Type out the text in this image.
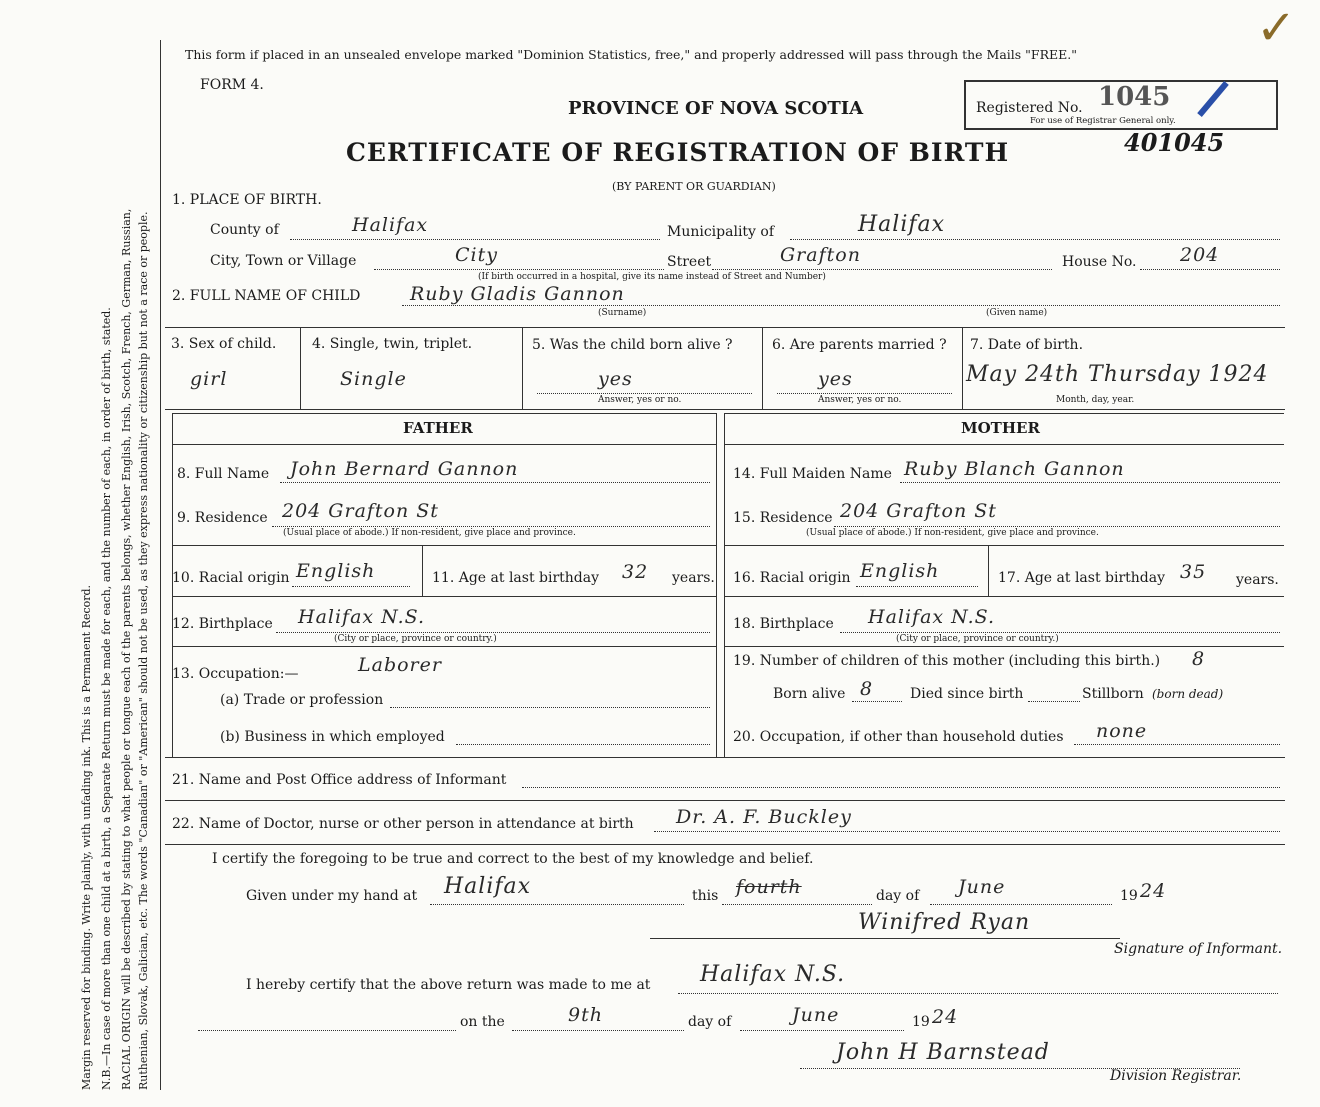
Margin reserved for binding. Write plainly, with unfading ink. This is a Permanent Record. N.B.—In case of more than one child at a birth, a Separate Return must be made for each, and the number of each, in order of birth, stated. RACIAL ORIGIN will be described by stating to what people or tongue each of the parents belongs, whether English, Irish, Scotch, French, German, Russian, Ruthenian, Slovak, Galician, etc. The words "Canadian" or "American" should not be used, as they express nationality or citizenship but not a race or people.
This form if placed in an unsealed envelope marked "Dominion Statistics, free," and properly addressed will pass through the Mails "FREE."
FORM 4.
PROVINCE OF NOVA SCOTIA
CERTIFICATE OF REGISTRATION OF BIRTH
(BY PARENT OR GUARDIAN)
Registered No. 1045
For use of Registrar General only.
401045
✓
1. PLACE OF BIRTH.
County of	Halifax	Municipality of	Halifax
City, Town or Village	City	Street	Grafton	House No. 204
(If birth occurred in a hospital, give its name instead of Street and Number)
2. FULL NAME OF CHILD	Ruby Gladis Gannon
(Surname)	(Given name)
3. Sex of child.
girl
4. Single, twin, triplet.
Single
5. Was the child born alive ?
yes
Answer, yes or no.
6. Are parents married ?
yes
Answer, yes or no.
7. Date of birth.
May 24th Thursday 1924
Month, day, year.
FATHER	MOTHER
8. Full Name John Bernard Gannon
9. Residence 204 Grafton St
(Usual place of abode.) If non-resident, give place and province.
10. Racial origin English	11. Age at last birthday 32 years.
12. Birthplace Halifax N.S.
(City or place, province or country.)
13. Occupation:—	Laborer
(a) Trade or profession
(b) Business in which employed
14. Full Maiden Name Ruby Blanch Gannon
15. Residence 204 Grafton St
(Usual place of abode.) If non-resident, give place and province.
16. Racial origin English	17. Age at last birthday 35 years.
18. Birthplace Halifax N.S.
(City or place, province or country.)
19. Number of children of this mother (including this birth.) 8
Born alive 8	Died since birth	Stillborn (born dead)
20. Occupation, if other than household duties none
21. Name and Post Office address of Informant
22. Name of Doctor, nurse or other person in attendance at birth Dr. A. F. Buckley
I certify the foregoing to be true and correct to the best of my knowledge and belief.
Given under my hand at Halifax	this fourth	day of June	19 24
Winifred Ryan
Signature of Informant.
I hereby certify that the above return was made to me at Halifax N.S.
on the	9th	day of	June	19 24
John H Barnstead
Division Registrar.
